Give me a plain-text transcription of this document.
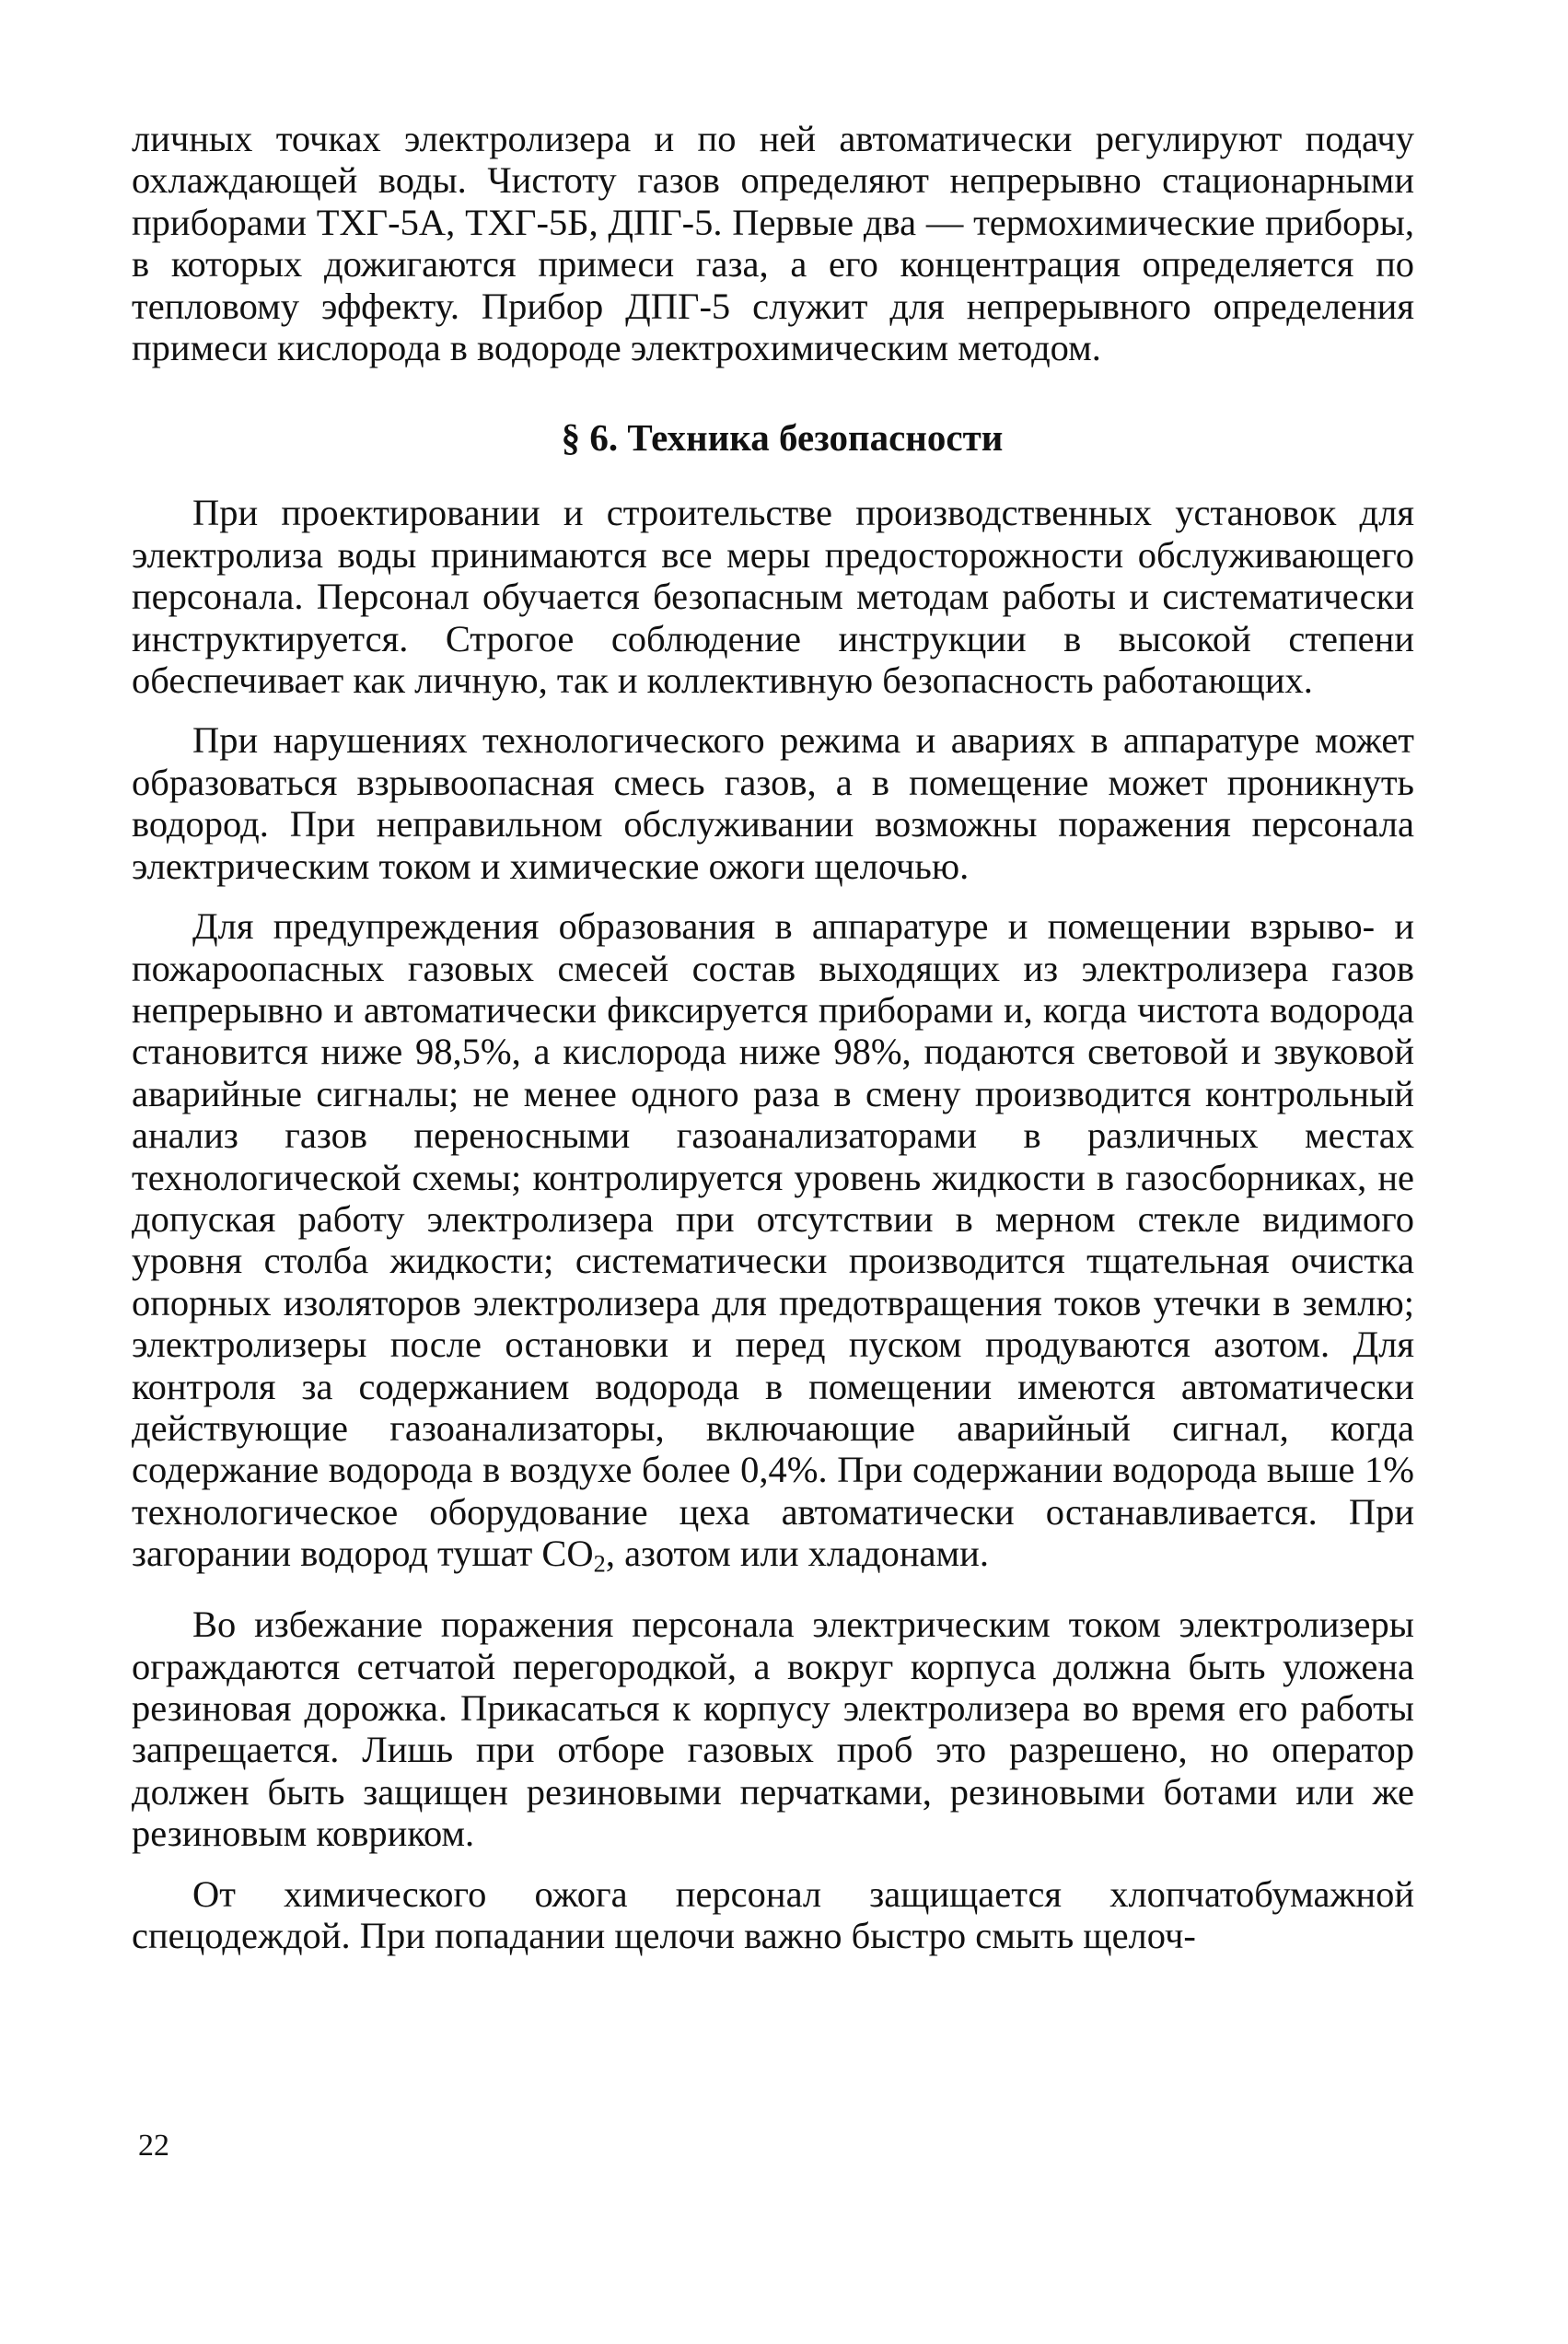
личных точках электролизера и по ней автоматически регулируют подачу охлаждающей воды. Чистоту газов определяют непрерывно стационарными приборами ТХГ-5А, ТХГ-5Б, ДПГ-5. Первые два — термохимические приборы, в которых дожигаются примеси газа, а его концентрация определяется по тепловому эффекту. Прибор ДПГ-5 служит для непрерывного определения примеси кислорода в водороде электрохимическим методом.

§ 6. Техника безопасности

При проектировании и строительстве производственных установок для электролиза воды принимаются все меры предосторожности обслуживающего персонала. Персонал обучается безопасным методам работы и систематически инструктируется. Строгое соблюдение инструкции в высокой степени обеспечивает как личную, так и коллективную безопасность работающих.

При нарушениях технологического режима и авариях в аппаратуре может образоваться взрывоопасная смесь газов, а в помещение может проникнуть водород. При неправильном обслуживании возможны поражения персонала электрическим током и химические ожоги щелочью.

Для предупреждения образования в аппаратуре и помещении взрыво- и пожароопасных газовых смесей состав выходящих из электролизера газов непрерывно и автоматически фиксируется приборами и, когда чистота водорода становится ниже 98,5%, а кислорода ниже 98%, подаются световой и звуковой аварийные сигналы; не менее одного раза в смену производится контрольный анализ газов переносными газоанализаторами в различных местах технологической схемы; контролируется уровень жидкости в газосборниках, не допуская работу электролизера при отсутствии в мерном стекле видимого уровня столба жидкости; систематически производится тщательная очистка опорных изоляторов электролизера для предотвращения токов утечки в землю; электролизеры после остановки и перед пуском продуваются азотом. Для контроля за содержанием водорода в помещении имеются автоматически действующие газоанализаторы, включающие аварийный сигнал, когда содержание водорода в воздухе более 0,4%. При содержании водорода выше 1% технологическое оборудование цеха автоматически останавливается. При загорании водород тушат $CO_2$, азотом или хладонами.

Во избежание поражения персонала электрическим током электролизеры ограждаются сетчатой перегородкой, а вокруг корпуса должна быть уложена резиновая дорожка. Прикасаться к корпусу электролизера во время его работы запрещается. Лишь при отборе газовых проб это разрешено, но оператор должен быть защищен резиновыми перчатками, резиновыми ботами или же резиновым ковриком.

От химического ожога персонал защищается хлопчатобумажной спецодеждой. При попадании щелочи важно быстро смыть щелоч-

22
